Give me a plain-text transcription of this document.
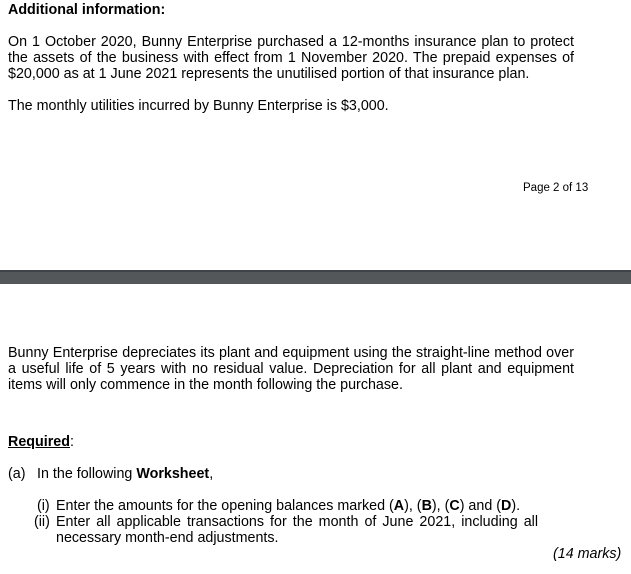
Additional information:
On 1 October 2020, Bunny Enterprise purchased a 12-months insurance plan to protect the assets of the business with effect from 1 November 2020. The prepaid expenses of $20,000 as at 1 June 2021 represents the unutilised portion of that insurance plan.
The monthly utilities incurred by Bunny Enterprise is $3,000.
Page 2 of 13
Bunny Enterprise depreciates its plant and equipment using the straight-line method over a useful life of 5 years with no residual value. Depreciation for all plant and equipment items will only commence in the month following the purchase.
Required:
(a) In the following Worksheet,
(i) Enter the amounts for the opening balances marked (A), (B), (C) and (D).
(ii) Enter all applicable transactions for the month of June 2021, including all necessary month-end adjustments.
(14 marks)
